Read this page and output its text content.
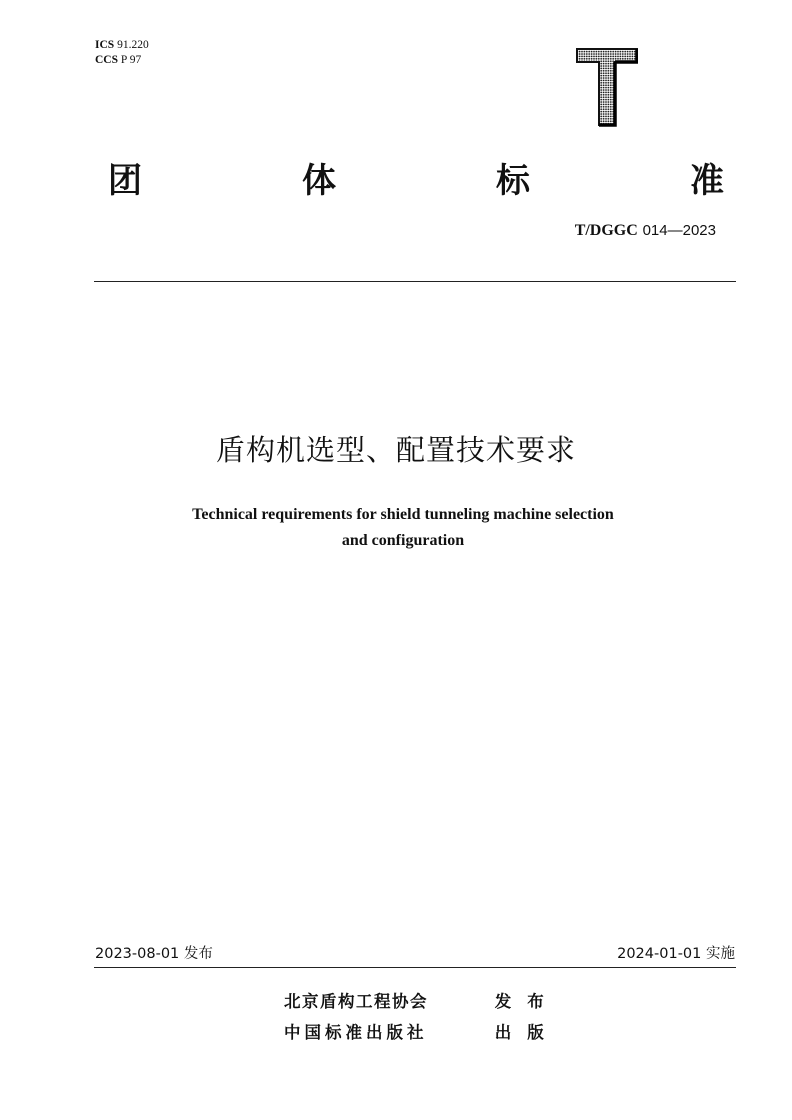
ICS 91.220
CCS P 97
团	体	标	准
T/DGGC 014—2023
盾构机选型、配置技术要求
Technical requirements for shield tunneling machine selection
and configuration
2023-08-01 发布	2024-01-01 实施
北京盾构工程协会	发布
中国标准出版社	出版
